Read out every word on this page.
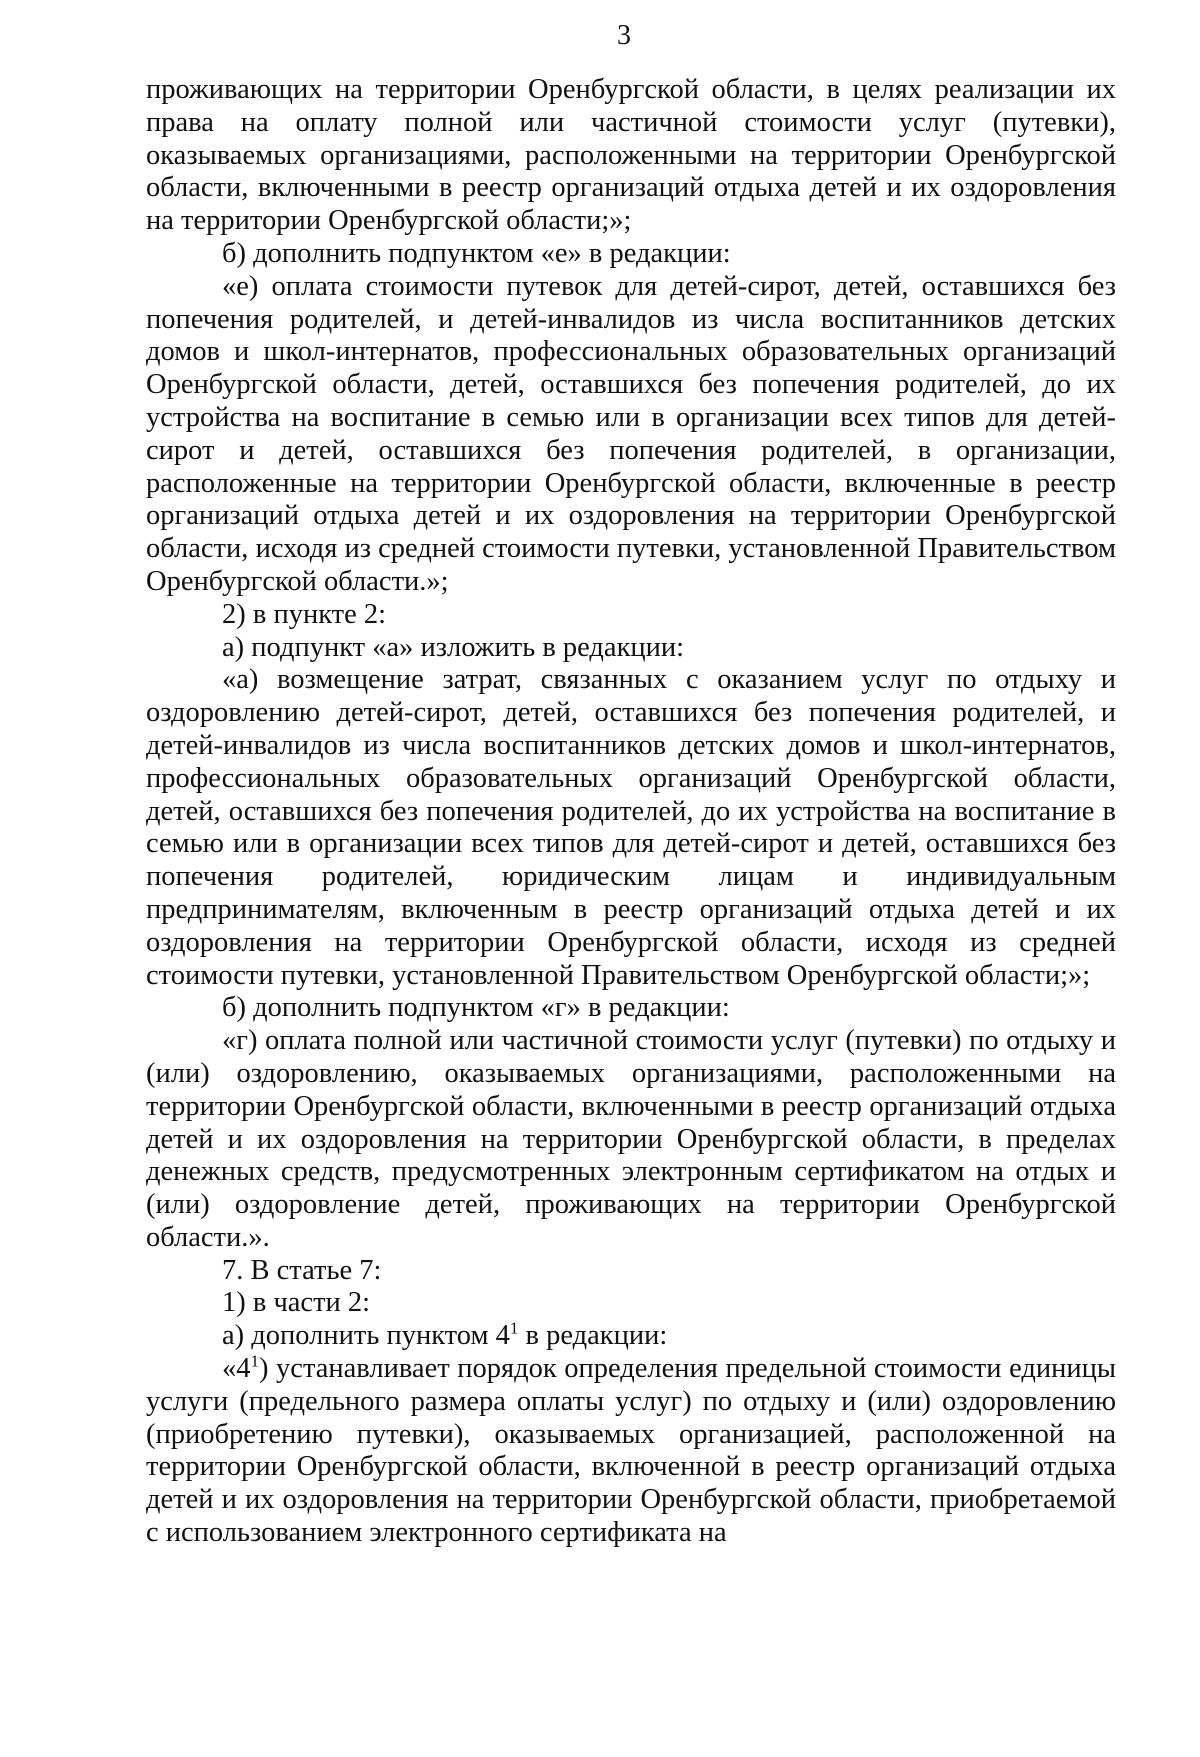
3

проживающих на территории Оренбургской области, в целях реализации их права на оплату полной или частичной стоимости услуг (путевки), оказываемых организациями, расположенными на территории Оренбургской области, включенными в реестр организаций отдыха детей и их оздоровления на территории Оренбургской области;»;

б) дополнить подпунктом «е» в редакции:

«е) оплата стоимости путевок для детей-сирот, детей, оставшихся без попечения родителей, и детей-инвалидов из числа воспитанников детских домов и школ-интернатов, профессиональных образовательных организаций Оренбургской области, детей, оставшихся без попечения родителей, до их устройства на воспитание в семью или в организации всех типов для детей-сирот и детей, оставшихся без попечения родителей, в организации, расположенные на территории Оренбургской области, включенные в реестр организаций отдыха детей и их оздоровления на территории Оренбургской области, исходя из средней стоимости путевки, установленной Правительством Оренбургской области.»;

2) в пункте 2:

а) подпункт «а» изложить в редакции:

«а) возмещение затрат, связанных с оказанием услуг по отдыху и оздоровлению детей-сирот, детей, оставшихся без попечения родителей, и детей-инвалидов из числа воспитанников детских домов и школ-интернатов, профессиональных образовательных организаций Оренбургской области, детей, оставшихся без попечения родителей, до их устройства на воспитание в семью или в организации всех типов для детей-сирот и детей, оставшихся без попечения родителей, юридическим лицам и индивидуальным предпринимателям, включенным в реестр организаций отдыха детей и их оздоровления на территории Оренбургской области, исходя из средней стоимости путевки, установленной Правительством Оренбургской области;»;

б) дополнить подпунктом «г» в редакции:

«г) оплата полной или частичной стоимости услуг (путевки) по отдыху и (или) оздоровлению, оказываемых организациями, расположенными на территории Оренбургской области, включенными в реестр организаций отдыха детей и их оздоровления на территории Оренбургской области, в пределах денежных средств, предусмотренных электронным сертификатом на отдых и (или) оздоровление детей, проживающих на территории Оренбургской области.».

7. В статье 7:

1) в части 2:

а) дополнить пунктом $4^1$ в редакции:

«$4^1$) устанавливает порядок определения предельной стоимости единицы услуги (предельного размера оплаты услуг) по отдыху и (или) оздоровлению (приобретению путевки), оказываемых организацией, расположенной на территории Оренбургской области, включенной в реестр организаций отдыха детей и их оздоровления на территории Оренбургской области, приобретаемой с использованием электронного сертификата на
